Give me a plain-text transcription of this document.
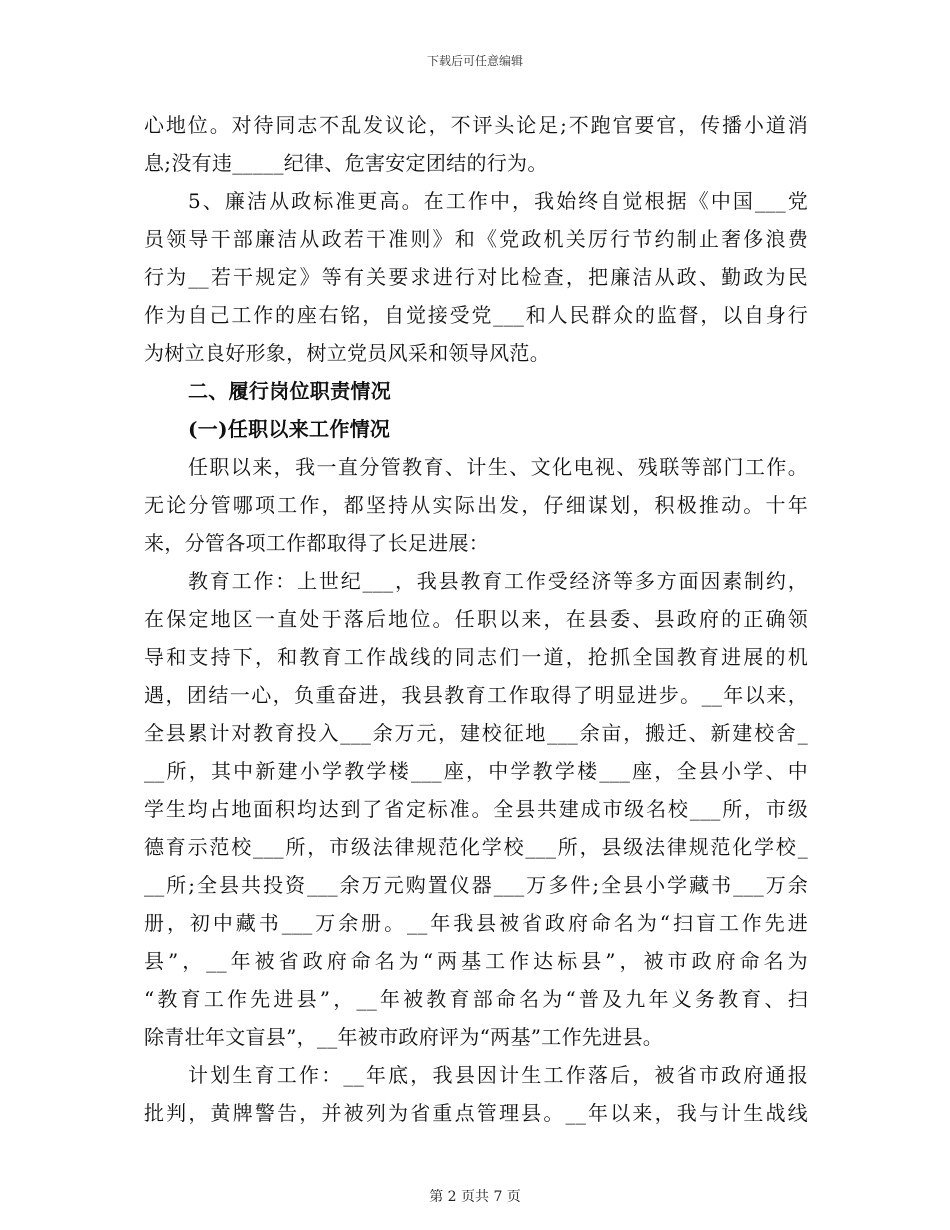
下载后可任意编辑
心地位。对待同志不乱发议论，不评头论足;不跑官要官，传播小道消
息;没有违_____纪律、危害安定团结的行为。
5、廉洁从政标准更高。在工作中，我始终自觉根据《中国___党
员领导干部廉洁从政若干准则》和《党政机关厉行节约制止奢侈浪费
行为__若干规定》等有关要求进行对比检查，把廉洁从政、勤政为民
作为自己工作的座右铭，自觉接受党___和人民群众的监督，以自身行
为树立良好形象，树立党员风采和领导风范。
二、履行岗位职责情况
(一)任职以来工作情况
任职以来，我一直分管教育、计生、文化电视、残联等部门工作。
无论分管哪项工作，都坚持从实际出发，仔细谋划，积极推动。十年
来，分管各项工作都取得了长足进展：
教育工作：上世纪___，我县教育工作受经济等多方面因素制约，
在保定地区一直处于落后地位。任职以来，在县委、县政府的正确领
导和支持下，和教育工作战线的同志们一道，抢抓全国教育进展的机
遇，团结一心，负重奋进，我县教育工作取得了明显进步。__年以来，
全县累计对教育投入___余万元，建校征地___余亩，搬迁、新建校舍_
__所，其中新建小学教学楼___座，中学教学楼___座，全县小学、中
学生均占地面积均达到了省定标准。全县共建成市级名校___所，市级
德育示范校___所，市级法律规范化学校___所，县级法律规范化学校_
__所;全县共投资___余万元购置仪器___万多件;全县小学藏书___万余
册，初中藏书___万余册。__年我县被省政府命名为“扫盲工作先进
县”，__年被省政府命名为“两基工作达标县”，被市政府命名为
“教育工作先进县”，__年被教育部命名为“普及九年义务教育、扫
除青壮年文盲县”，__年被市政府评为“两基”工作先进县。
计划生育工作：__年底，我县因计生工作落后，被省市政府通报
批判，黄牌警告，并被列为省重点管理县。__年以来，我与计生战线
第 2 页共 7 页
